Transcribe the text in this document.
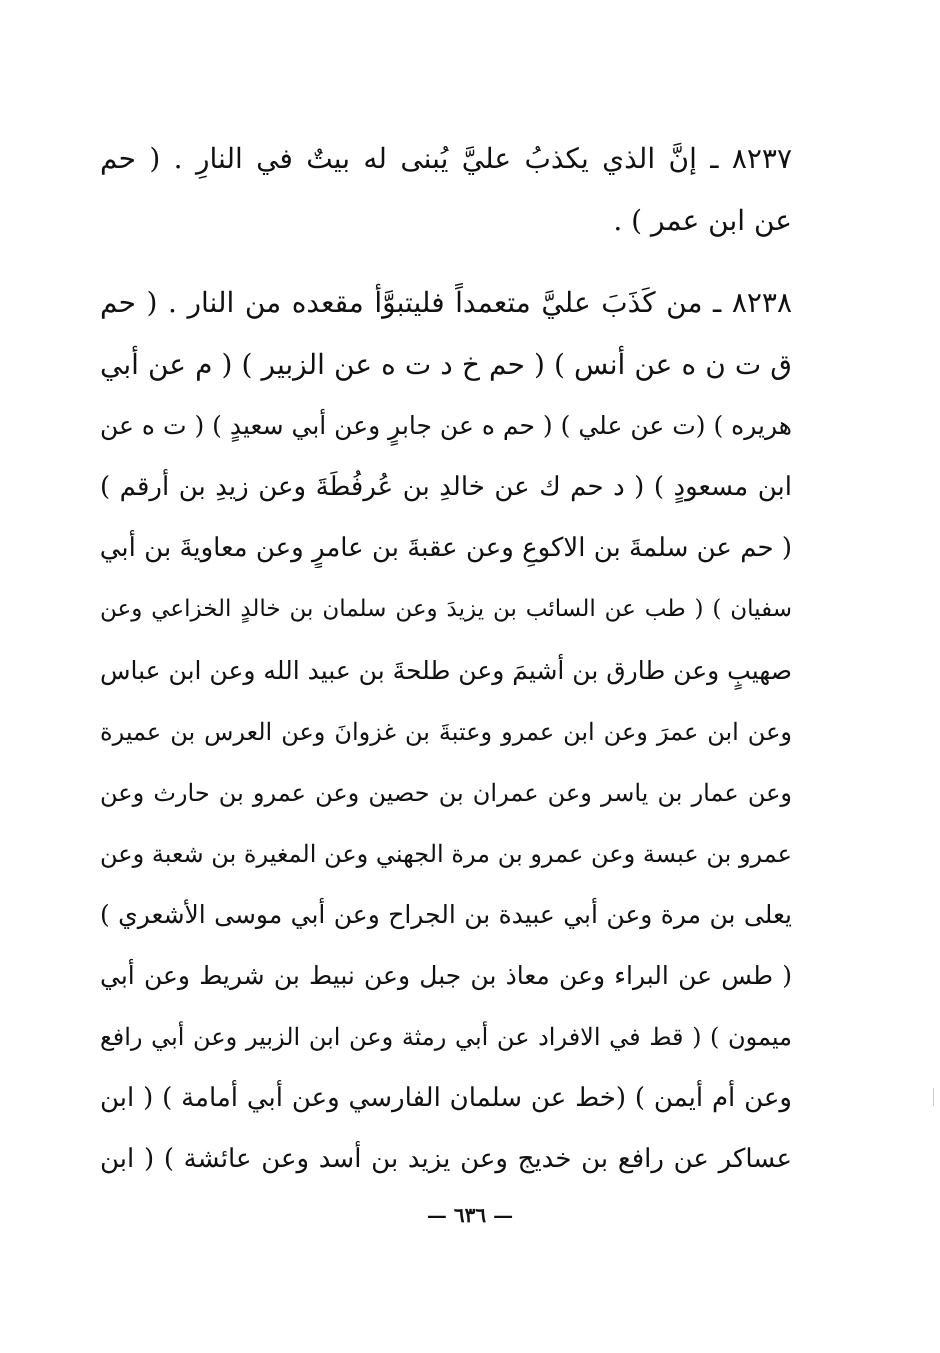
٨٢٣٧ ـ إنَّ الذي يكذبُ عليَّ يُبنى له بيتٌ في النارِ . ( حم
عن ابن عمر ) .
٨٢٣٨ ـ من كَذَبَ عليَّ متعمداً فليتبوَّأ مقعده من النار . ( حم
ق ت ن ه عن أنس ) ( حم خ د ت ه عن الزبير ) ( م عن أبي
هريره ) (ت عن علي ) ( حم ه عن جابرٍ وعن أبي سعيدٍ ) ( ت ه عن
ابن مسعودٍ ) ( د حم ك عن خالدِ بن عُرفُطَةَ وعن زيدِ بن أرقم )
( حم عن سلمةَ بن الاكوعِ وعن عقبةَ بن عامرٍ وعن معاويةَ بن أبي
سفيان ) ( طب عن السائب بن يزيدَ وعن سلمان بن خالدٍ الخزاعي وعن
صهيبٍ وعن طارق بن أشيمَ وعن طلحةَ بن عبيد الله وعن ابن عباس
وعن ابن عمرَ وعن ابن عمرو وعتبةَ بن غزوانَ وعن العرس بن عميرة
وعن عمار بن ياسر وعن عمران بن حصين وعن عمرو بن حارث وعن
عمرو بن عبسة وعن عمرو بن مرة الجهني وعن المغيرة بن شعبة وعن
يعلى بن مرة وعن أبي عبيدة بن الجراح وعن أبي موسى الأشعري )
( طس عن البراء وعن معاذ بن جبل وعن نبيط بن شريط وعن أبي
ميمون ) ( قط في الافراد عن أبي رمثة وعن ابن الزبير وعن أبي رافع
وعن أم أيمن ) (خط عن سلمان الفارسي وعن أبي أمامة ) ( ابن
عساكر عن رافع بن خديج وعن يزيد بن أسد وعن عائشة ) ( ابن
— ٦٣٦ —
